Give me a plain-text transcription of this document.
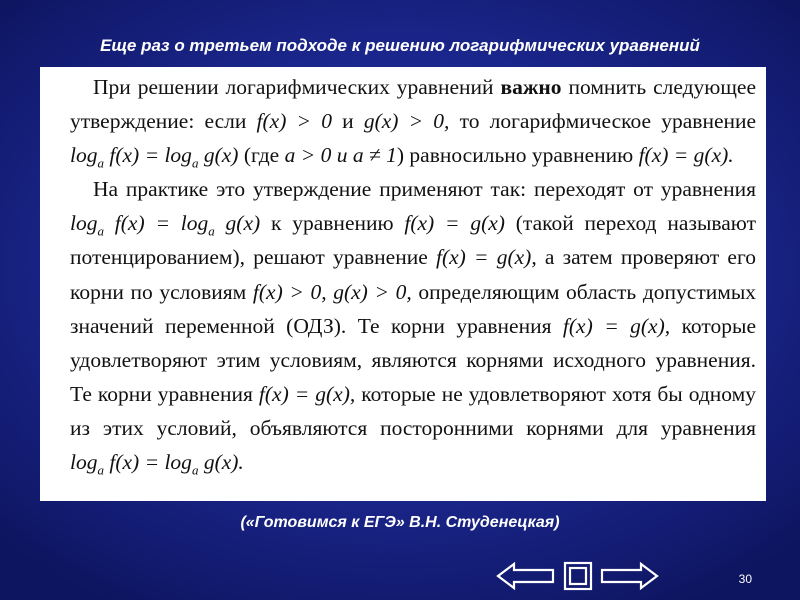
Еще раз о третьем подходе к решению логарифмических уравнений

При решении логарифмических уравнений важно помнить следующее утверждение: если f(x) > 0 и g(x) > 0, то логарифмическое уравнение $\log_a f(x) = \log_a g(x)$ (где a > 0 и a ≠ 1) равносильно уравнению f(x) = g(x).

На практике это утверждение применяют так: переходят от уравнения $\log_a f(x) = \log_a g(x)$ к уравнению f(x) = g(x) (такой переход называют потенцированием), решают уравнение f(x) = g(x), а затем проверяют его корни по условиям f(x) > 0, g(x) > 0, определяющим область допустимых значений переменной (ОДЗ). Те корни уравнения f(x) = g(x), которые удовлетворяют этим условиям, являются корнями исходного уравнения. Те корни уравнения f(x) = g(x), которые не удовлетворяют хотя бы одному из этих условий, объявляются посторонними корнями для уравнения $\log_a f(x) = \log_a g(x)$.

(«Готовимся к ЕГЭ» В.Н. Студенецкая)
30
